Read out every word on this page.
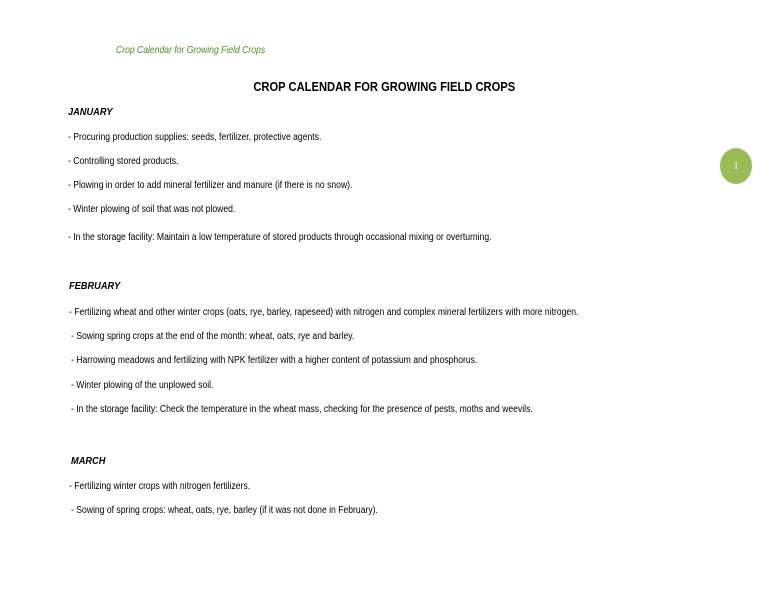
Crop Calendar for Growing Field Crops
1
CROP CALENDAR FOR GROWING FIELD CROPS
JANUARY
- Procuring production supplies: seeds, fertilizer, protective agents.
- Controlling stored products.
- Plowing in order to add mineral fertilizer and manure (if there is no snow).
- Winter plowing of soil that was not plowed.
- In the storage facility: Maintain a low temperature of stored products through occasional mixing or overturning.
FEBRUARY
- Fertilizing wheat and other winter crops (oats, rye, barley, rapeseed) with nitrogen and complex mineral fertilizers with more nitrogen.
- Sowing spring crops at the end of the month: wheat, oats, rye and barley.
- Harrowing meadows and fertilizing with NPK fertilizer with a higher content of potassium and phosphorus.
- Winter plowing of the unplowed soil.
- In the storage facility: Check the temperature in the wheat mass, checking for the presence of pests, moths and weevils.
MARCH
- Fertilizing winter crops with nitrogen fertilizers.
- Sowing of spring crops: wheat, oats, rye, barley (if it was not done in February).
